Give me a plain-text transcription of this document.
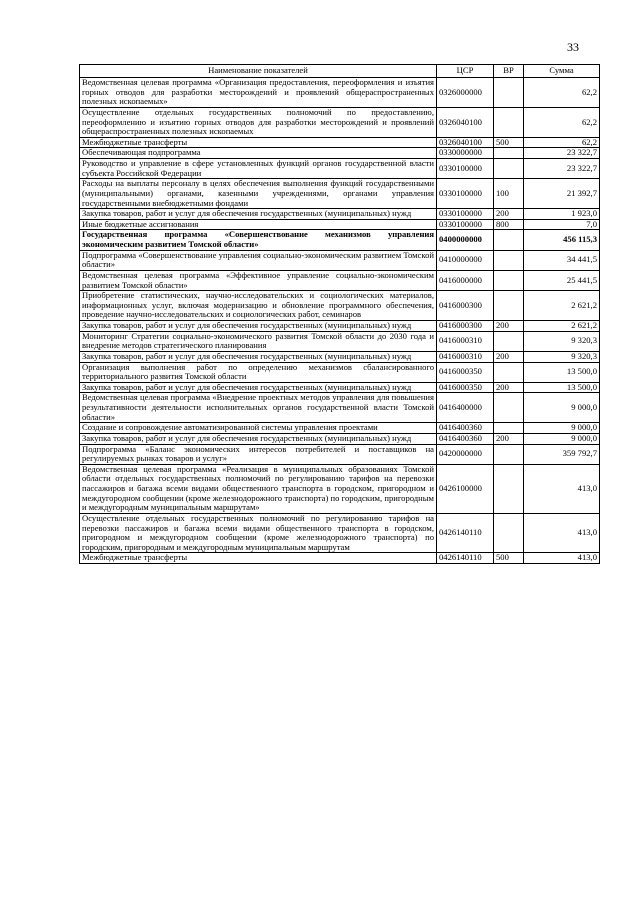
33
Наименование показателей	ЦСР	ВР	Сумма
Ведомственная целевая программа «Организация предоставления, переоформления и изъятия горных отводов для разработки месторождений и проявлений общераспространенных полезных ископаемых»	0326000000		62,2
Осуществление отдельных государственных полномочий по предоставлению, переоформлению и изъятию горных отводов для разработки месторождений и проявлений общераспространенных полезных ископаемых	0326040100		62,2
Межбюджетные трансферты	0326040100	500	62,2
Обеспечивающая подпрограмма	0330000000		23 322,7
Руководство и управление в сфере установленных функций органов государственной власти субъекта Российской Федерации	0330100000		23 322,7
Расходы на выплаты персоналу в целях обеспечения выполнения функций государственными (муниципальными) органами, казенными учреждениями, органами управления государственными внебюджетными фондами	0330100000	100	21 392,7
Закупка товаров, работ и услуг для обеспечения государственных (муниципальных) нужд	0330100000	200	1 923,0
Иные бюджетные ассигнования	0330100000	800	7,0
Государственная программа «Совершенствование механизмов управления экономическим развитием Томской области»	0400000000		456 115,3
Подпрограмма «Совершенствование управления социально-экономическим развитием Томской области»	0410000000		34 441,5
Ведомственная целевая программа «Эффективное управление социально-экономическим развитием Томской области»	0416000000		25 441,5
Приобретение статистических, научно-исследовательских и социологических материалов, информационных услуг, включая модернизацию и обновление программного обеспечения, проведение научно-исследовательских и социологических работ, семинаров	0416000300		2 621,2
Закупка товаров, работ и услуг для обеспечения государственных (муниципальных) нужд	0416000300	200	2 621,2
Мониторинг Стратегии социально-экономического развития Томской области до 2030 года и внедрение методов стратегического планирования	0416000310		9 320,3
Закупка товаров, работ и услуг для обеспечения государственных (муниципальных) нужд	0416000310	200	9 320,3
Организация выполнения работ по определению механизмов сбалансированного территориального развития Томской области	0416000350		13 500,0
Закупка товаров, работ и услуг для обеспечения государственных (муниципальных) нужд	0416000350	200	13 500,0
Ведомственная целевая программа «Внедрение проектных методов управления для повышения результативности деятельности исполнительных органов государственной власти Томской области»	0416400000		9 000,0
Создание и сопровождение автоматизированной системы управления проектами	0416400360		9 000,0
Закупка товаров, работ и услуг для обеспечения государственных (муниципальных) нужд	0416400360	200	9 000,0
Подпрограмма «Баланс экономических интересов потребителей и поставщиков на регулируемых рынках товаров и услуг»	0420000000		359 792,7
Ведомственная целевая программа «Реализация в муниципальных образованиях Томской области отдельных государственных полномочий по регулированию тарифов на перевозки пассажиров и багажа всеми видами общественного транспорта в городском, пригородном и междугородном сообщении (кроме железнодорожного транспорта) по городским, пригородным и междугородным муниципальным маршрутам»	0426100000		413,0
Осуществление отдельных государственных полномочий по регулированию тарифов на перевозки пассажиров и багажа всеми видами общественного транспорта в городском, пригородном и междугородном сообщении (кроме железнодорожного транспорта) по городским, пригородным и междугородным муниципальным маршрутам	0426140110		413,0
Межбюджетные трансферты	0426140110	500	413,0
